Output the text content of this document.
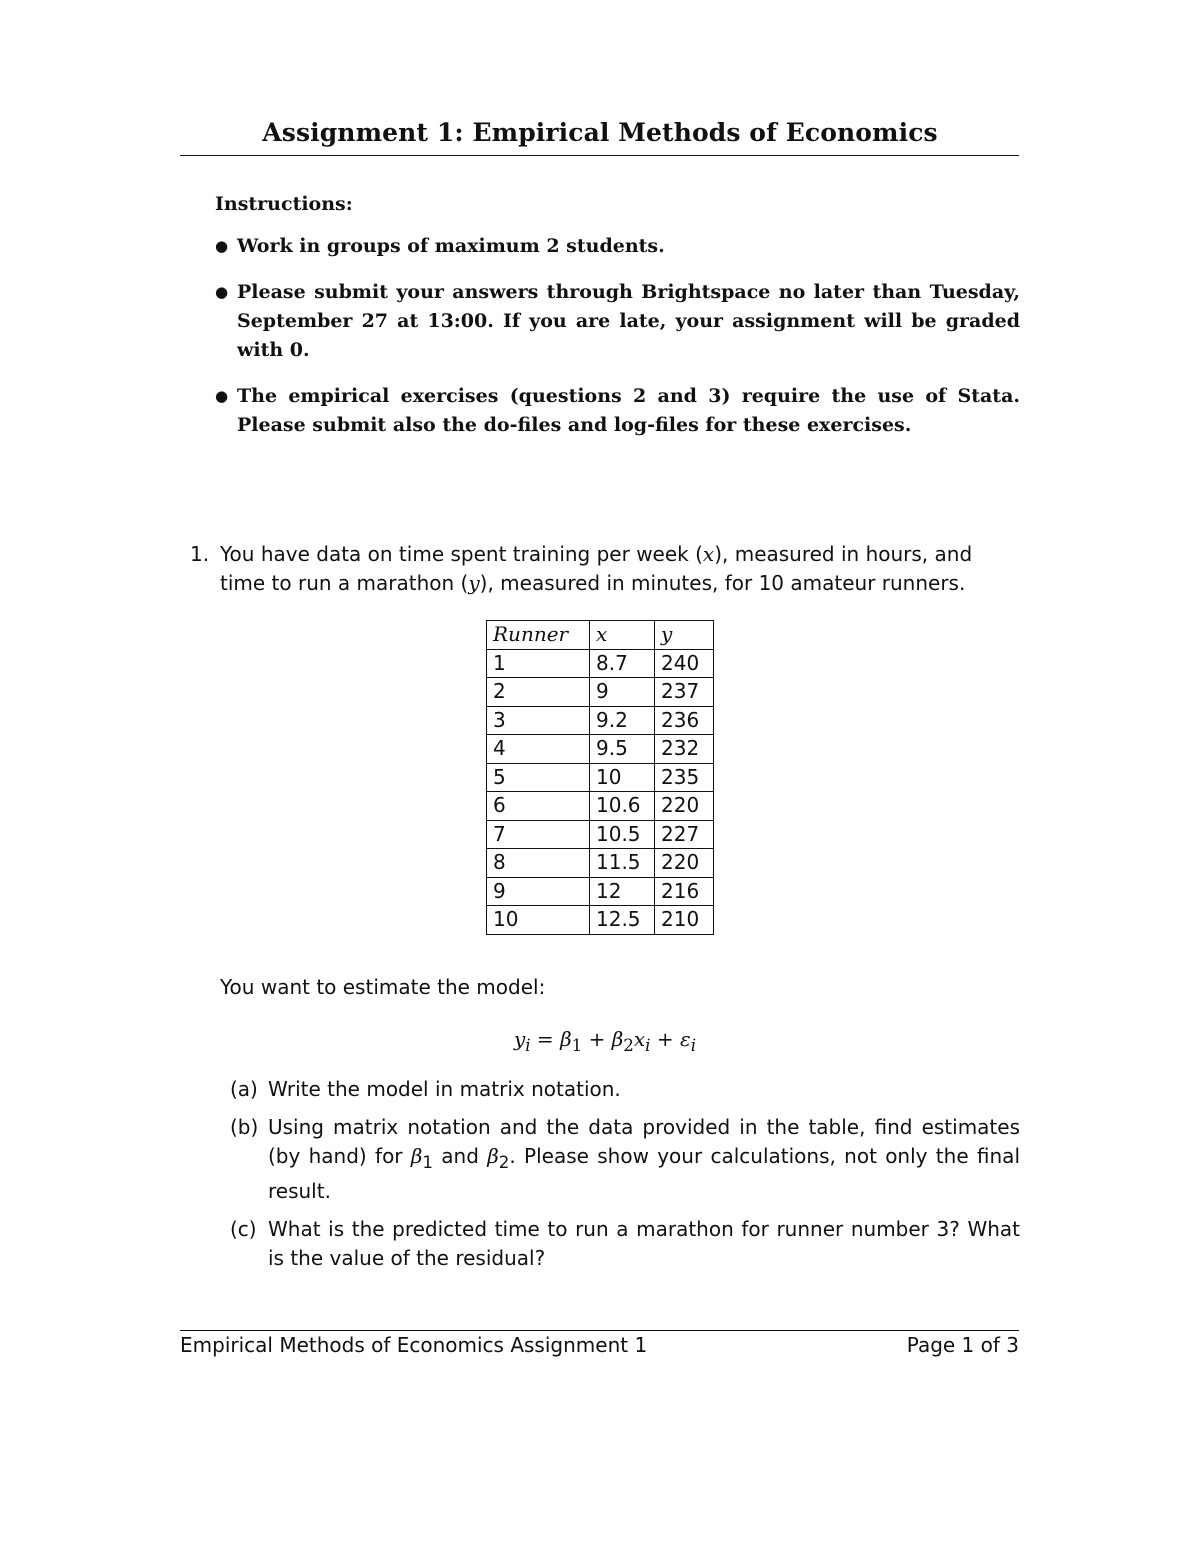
Assignment 1: Empirical Methods of Economics
Instructions:
● Work in groups of maximum 2 students.
● Please submit your answers through Brightspace no later than Tuesday, September 27 at 13:00. If you are late, your assignment will be graded with 0.
● The empirical exercises (questions 2 and 3) require the use of Stata. Please submit also the do-files and log-files for these exercises.
1. You have data on time spent training per week (x), measured in hours, and time to run a marathon (y), measured in minutes, for 10 amateur runners.
Runner	x	y
1	8.7	240
2	9	237
3	9.2	236
4	9.5	232
5	10	235
6	10.6	220
7	10.5	227
8	11.5	220
9	12	216
10	12.5	210
You want to estimate the model:
$y_i = \beta_1 + \beta_2x_i + \varepsilon_i$
(a) Write the model in matrix notation.
(b) Using matrix notation and the data provided in the table, find estimates (by hand) for $\beta_1$ and $\beta_2$. Please show your calculations, not only the final result.
(c) What is the predicted time to run a marathon for runner number 3? What is the value of the residual?
Empirical Methods of Economics Assignment 1	Page 1 of 3
